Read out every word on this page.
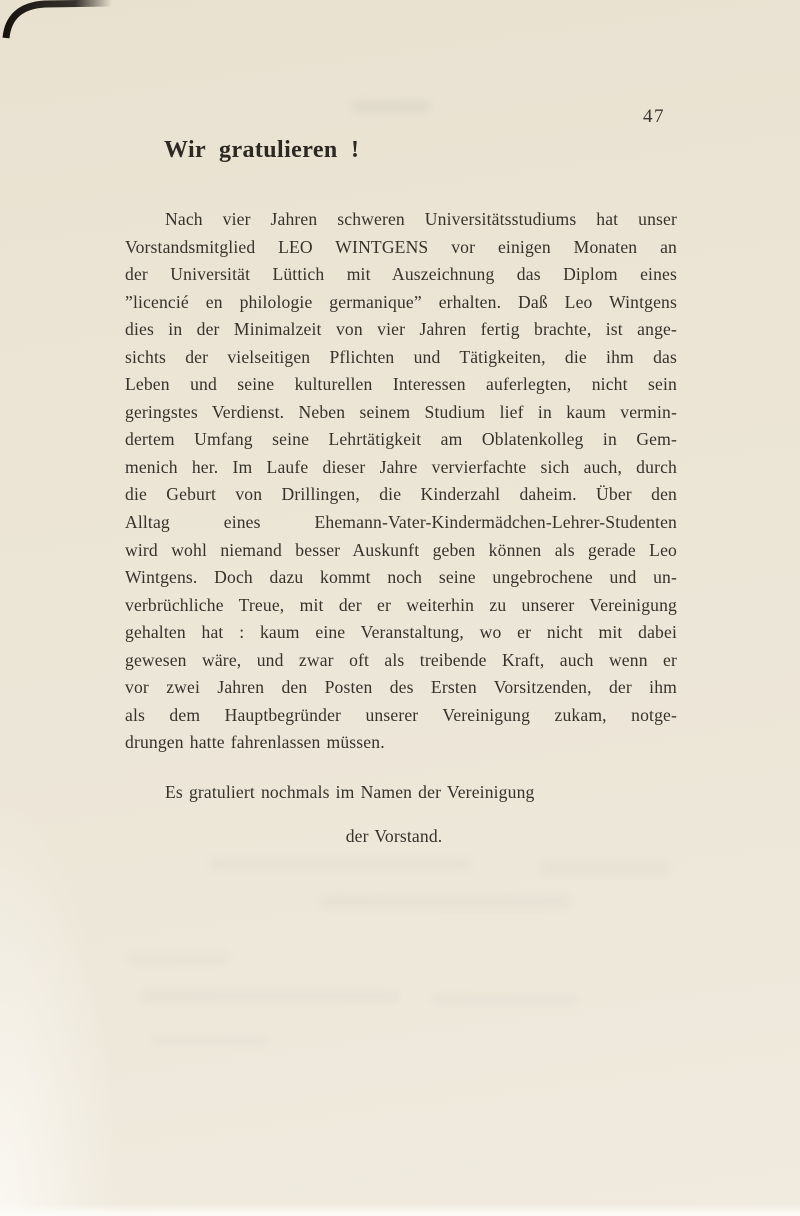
47
Wir gratulieren !
Nach vier Jahren schweren Universitätsstudiums hat unser
Vorstandsmitglied LEO WINTGENS vor einigen Monaten an
der Universität Lüttich mit Auszeichnung das Diplom eines
”licencié en philologie germanique” erhalten. Daß Leo Wintgens
dies in der Minimalzeit von vier Jahren fertig brachte, ist ange-
sichts der vielseitigen Pflichten und Tätigkeiten, die ihm das
Leben und seine kulturellen Interessen auferlegten, nicht sein
geringstes Verdienst. Neben seinem Studium lief in kaum vermin-
dertem Umfang seine Lehrtätigkeit am Oblatenkolleg in Gem-
menich her. Im Laufe dieser Jahre vervierfachte sich auch, durch
die Geburt von Drillingen, die Kinderzahl daheim. Über den
Alltag eines Ehemann-Vater-Kindermädchen-Lehrer-Studenten
wird wohl niemand besser Auskunft geben können als gerade Leo
Wintgens. Doch dazu kommt noch seine ungebrochene und un-
verbrüchliche Treue, mit der er weiterhin zu unserer Vereinigung
gehalten hat : kaum eine Veranstaltung, wo er nicht mit dabei
gewesen wäre, und zwar oft als treibende Kraft, auch wenn er
vor zwei Jahren den Posten des Ersten Vorsitzenden, der ihm
als dem Hauptbegründer unserer Vereinigung zukam, notge-
drungen hatte fahrenlassen müssen.
Es gratuliert nochmals im Namen der Vereinigung
der Vorstand.
